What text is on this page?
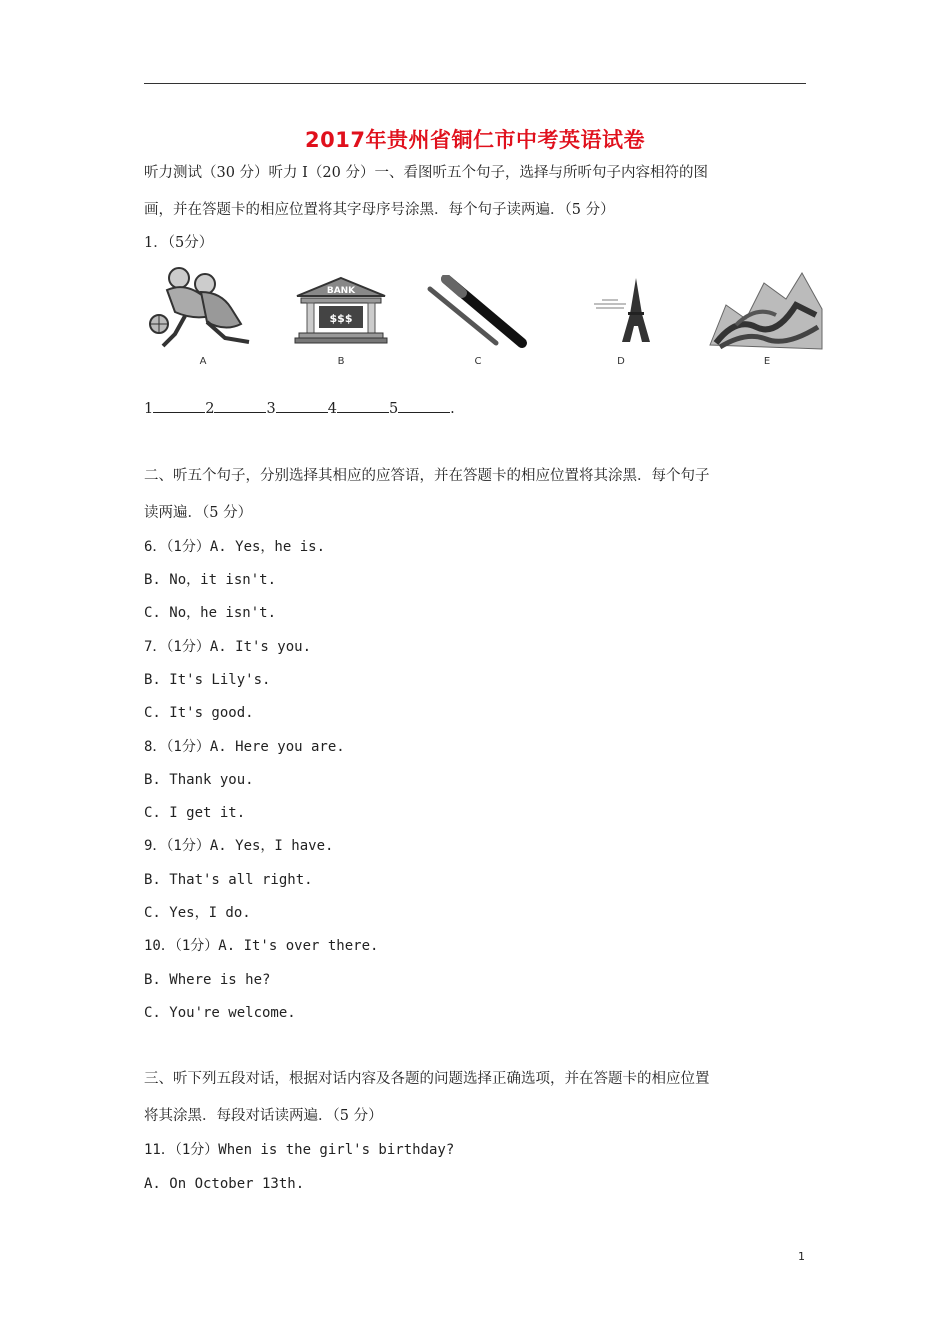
2017年贵州省铜仁市中考英语试卷
听力测试（30 分）听力 I（20 分）一、看图听五个句子，选择与所听句子内容相符的图
画，并在答题卡的相应位置将其字母序号涂黑．每个句子读两遍．（5 分）
1．（5分）
A
BANK
$$$
B	C	D	E
1	2	3	4	5	.
二、听五个句子，分别选择其相应的应答语，并在答题卡的相应位置将其涂黑．每个句子
读两遍．（5 分）
6．（1分）A. Yes，he is.
B. No，it isn't.
C. No，he isn't.
7．（1分）A. It's you.
B. It's Lily's.
C. It's good.
8．（1分）A. Here you are.
B. Thank you.
C. I get it.
9．（1分）A. Yes，I have.
B. That's all right.
C. Yes，I do.
10．（1分）A. It's over there.
B. Where is he?
C. You're welcome.
三、听下列五段对话，根据对话内容及各题的问题选择正确选项，并在答题卡的相应位置
将其涂黑．每段对话读两遍．（5 分）
11．（1分）When is the girl's birthday?
A. On October 13th.
1
